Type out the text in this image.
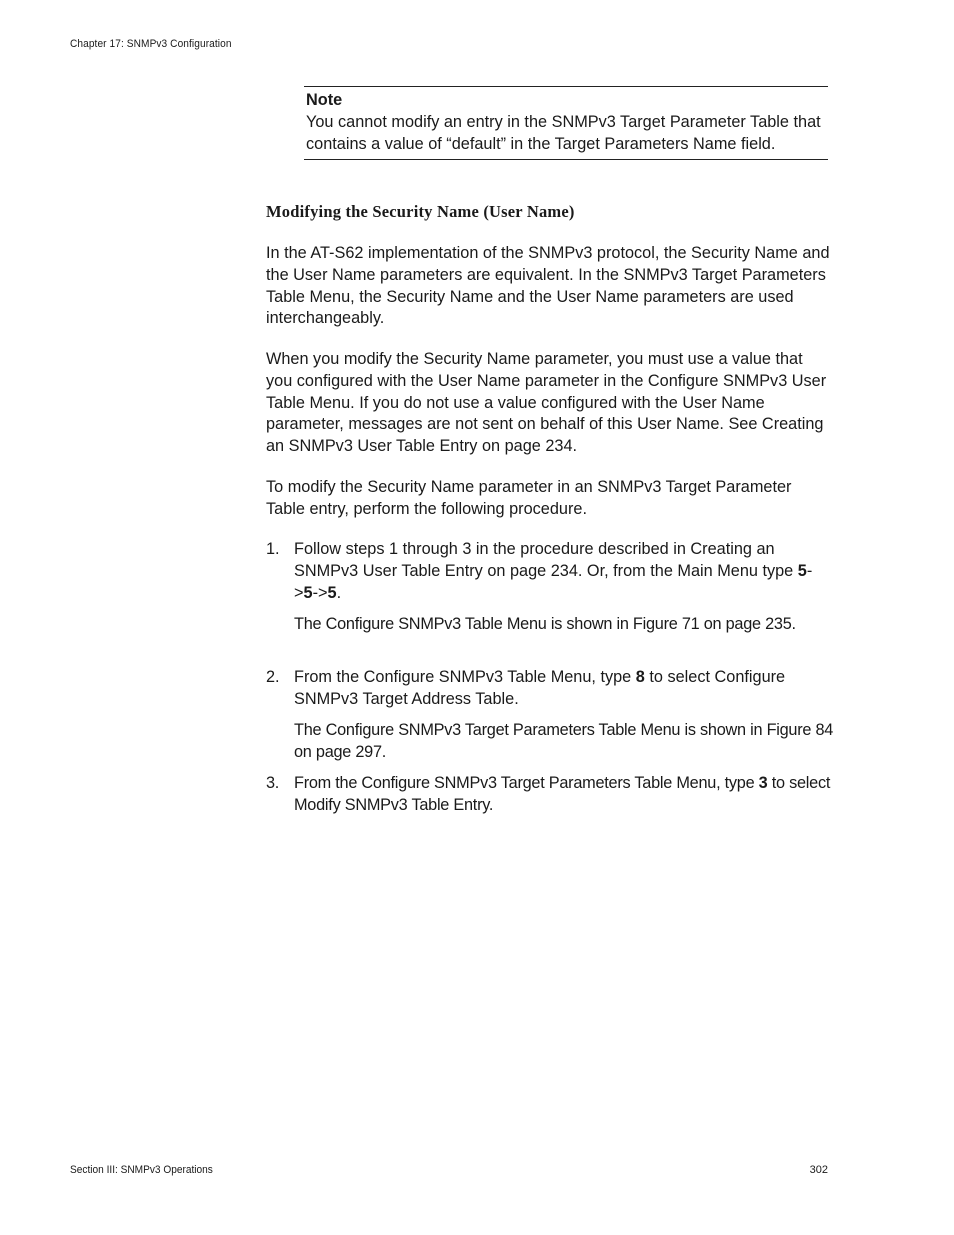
Chapter 17: SNMPv3 Configuration
Note
You cannot modify an entry in the SNMPv3 Target Parameter Table that contains a value of “default” in the Target Parameters Name field.
Modifying the Security Name (User Name)

In the AT-S62 implementation of the SNMPv3 protocol, the Security Name and the User Name parameters are equivalent. In the SNMPv3 Target Parameters Table Menu, the Security Name and the User Name parameters are used interchangeably.

When you modify the Security Name parameter, you must use a value that you configured with the User Name parameter in the Configure SNMPv3 User Table Menu. If you do not use a value configured with the User Name parameter, messages are not sent on behalf of this User Name. See Creating an SNMPv3 User Table Entry on page 234.

To modify the Security Name parameter in an SNMPv3 Target Parameter Table entry, perform the following procedure.

1. Follow steps 1 through 3 in the procedure described in Creating an SNMPv3 User Table Entry on page 234. Or, from the Main Menu type 5->5->5.
The Configure SNMPv3 Table Menu is shown in Figure 71 on page 235.
2. From the Configure SNMPv3 Table Menu, type 8 to select Configure SNMPv3 Target Address Table.
The Configure SNMPv3 Target Parameters Table Menu is shown in Figure 84 on page 297.
3. From the Configure SNMPv3 Target Parameters Table Menu, type 3 to select Modify SNMPv3 Table Entry.
Section III: SNMPv3 Operations	302
